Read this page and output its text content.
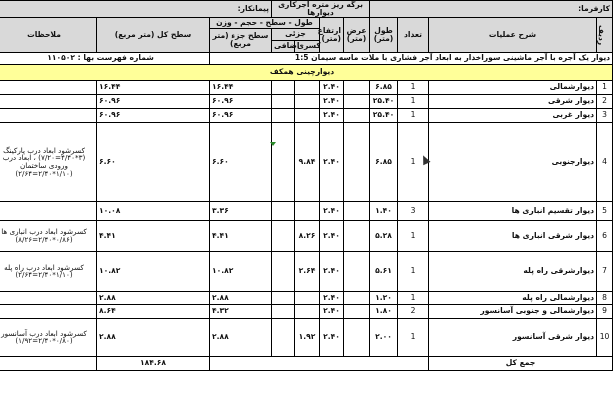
پیمانکار:			برگه ریز متره آجرکاری دیوارها				کارفرما:			
ملاحظات	سطح کل (متر مربع)	طول - سطح - حجم - وزن			ارتفاع (متر)	عرض (متر)	طول (متر)	تعداد	شرح عملیات	ردیف

		سطح جزء (متر مربع)	جزئی							
			اضافی	کسری						
شماره فهرست بها : ۱۱۰۵۰۲		دیوار یک آجره با آجر ماشینی سوراخدار به ابعاد آجر فشاری با ملات ماسه سیمان 1:5								
دیوارچینی همکف										
	۱۶.۴۴	۱۶.۴۴			۲.۴۰		۶.۸۵	1	دیوارشمالی	1
	۶۰.۹۶	۶۰.۹۶			۲.۴۰		۲۵.۴۰	1	دیوار شرقی	2
	۶۰.۹۶	۶۰.۹۶			۲.۴۰		۲۵.۴۰	1	دیوار غربی	3
کسرشود ابعاد درب پارکینگ (۳*۴/۴۰=۷/۲۰) ، ابعاد درب ورودی ساختمان (۱/۱۰*۲/۴۰=۲/۶۴)	۶.۶۰	۶.۶۰		۹.۸۴	۲.۴۰		۶.۸۵	1	دیوارجنوبی	4
	۱۰.۰۸	۳.۳۶			۲.۴۰		۱.۴۰	3	دیوار تقسیم انباری ها	5
کسرشود ابعاد درب انباری ها (۰/۸۶*۲/۴۰=۸/۲۶)	۴.۴۱	۴.۴۱		۸.۲۶	۲.۴۰		۵.۲۸	1	دیوار شرقی انباری ها	6
کسرشود ابعاد درب راه پله (۱/۱۰*۲/۴۰=۲/۶۴)	۱۰.۸۲	۱۰.۸۲		۲.۶۴	۲.۴۰		۵.۶۱	1	دیوارشرقی راه پله	7
	۲.۸۸	۲.۸۸			۲.۴۰		۱.۲۰	1	دیوارشمالی راه پله	8
	۸.۶۴	۴.۳۲			۲.۴۰		۱.۸۰	2	دیوارشمالی و جنوبی آسانسور	9
کسرشود ابعاد درب آسانسور (۰/۸۰*۲/۴۰=۱/۹۲)	۲.۸۸	۲.۸۸		۱.۹۲	۲.۴۰		۲.۰۰	1	دیوار شرقی آسانسور	10
	۱۸۴.۶۸								جمع کل	
